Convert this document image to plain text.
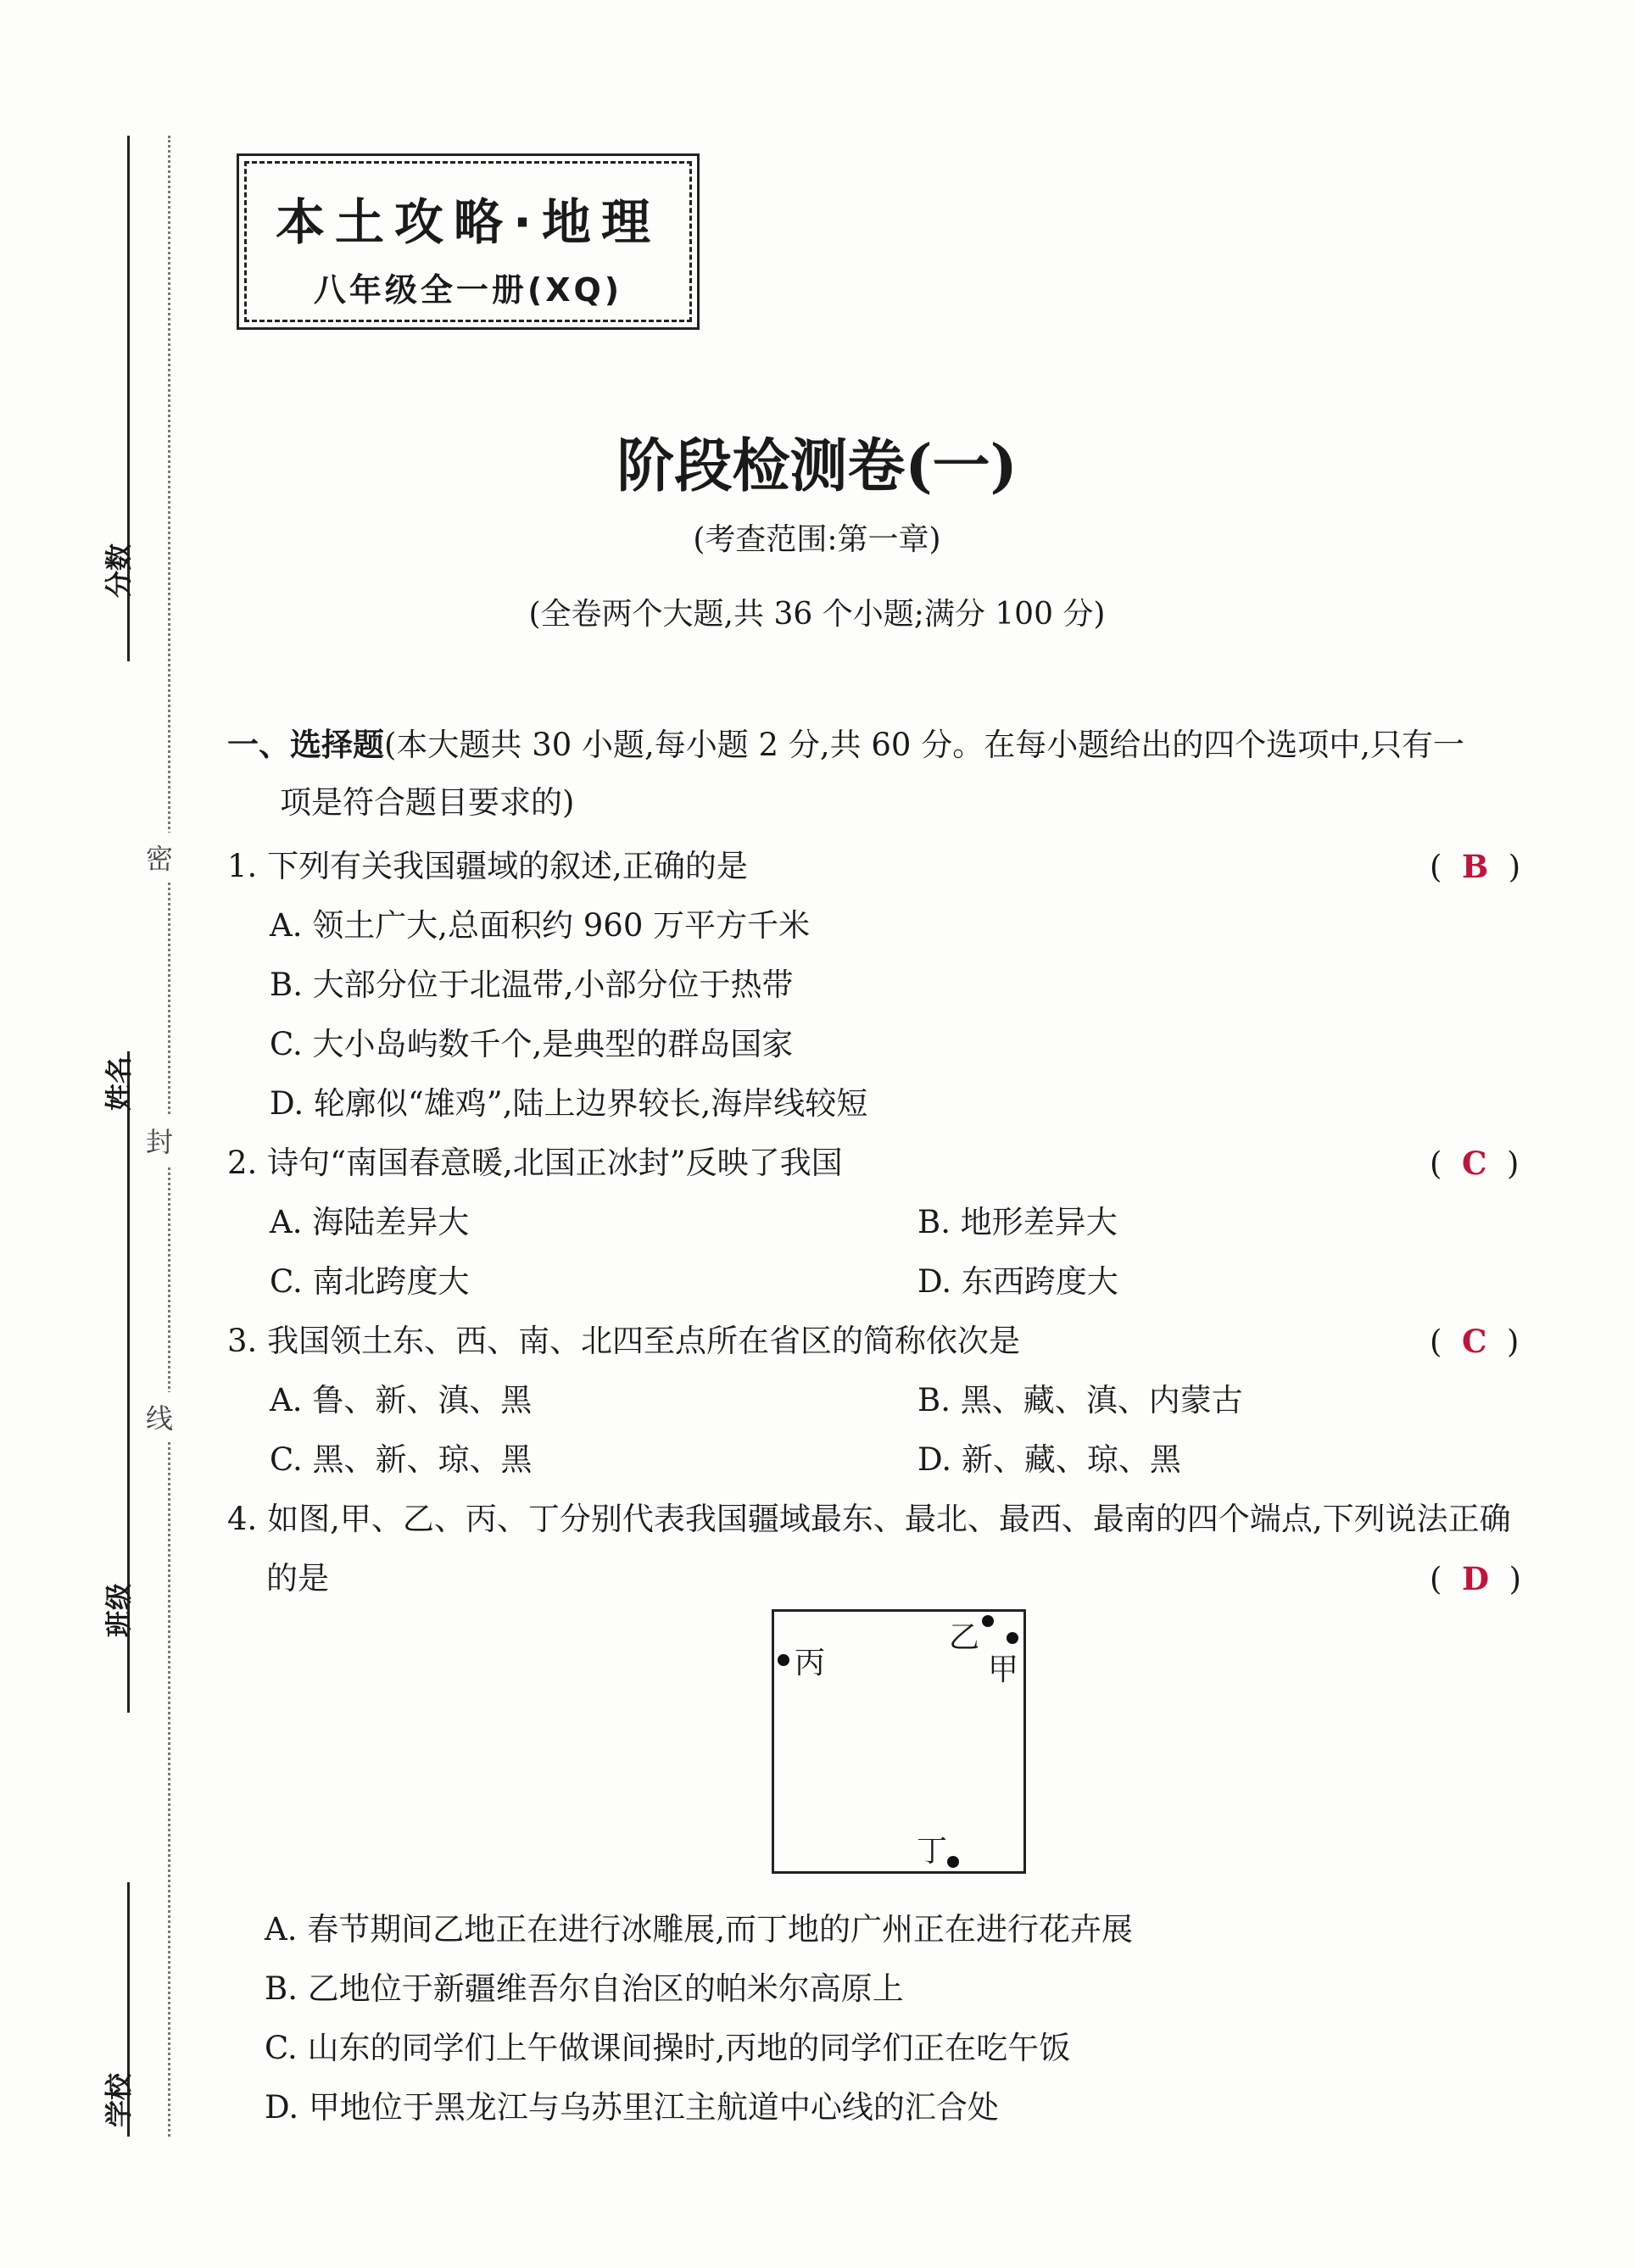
分数
姓名
班级
学校
密
封
线
本土攻略·地理
八年级全一册(XQ)
阶段检测卷(一)
(考查范围:第一章)
(全卷两个大题,共 36 个小题;满分 100 分)
一、选择题(本大题共 30 小题,每小题 2 分,共 60 分。在每小题给出的四个选项中,只有一
项是符合题目要求的)
1. 下列有关我国疆域的叙述,正确的是	(  B  )
A. 领土广大,总面积约 960 万平方千米
B. 大部分位于北温带,小部分位于热带
C. 大小岛屿数千个,是典型的群岛国家
D. 轮廓似“雄鸡”,陆上边界较长,海岸线较短
2. 诗句“南国春意暖,北国正冰封”反映了我国	(  C  )
A. 海陆差异大	B. 地形差异大
C. 南北跨度大	D. 东西跨度大
3. 我国领土东、西、南、北四至点所在省区的简称依次是	(  C  )
A. 鲁、新、滇、黑	B. 黑、藏、滇、内蒙古
C. 黑、新、琼、黑	D. 新、藏、琼、黑
4. 如图,甲、乙、丙、丁分别代表我国疆域最东、最北、最西、最南的四个端点,下列说法正确
的是	(  D  )
丙
乙
甲
丁
A. 春节期间乙地正在进行冰雕展,而丁地的广州正在进行花卉展
B. 乙地位于新疆维吾尔自治区的帕米尔高原上
C. 山东的同学们上午做课间操时,丙地的同学们正在吃午饭
D. 甲地位于黑龙江与乌苏里江主航道中心线的汇合处
